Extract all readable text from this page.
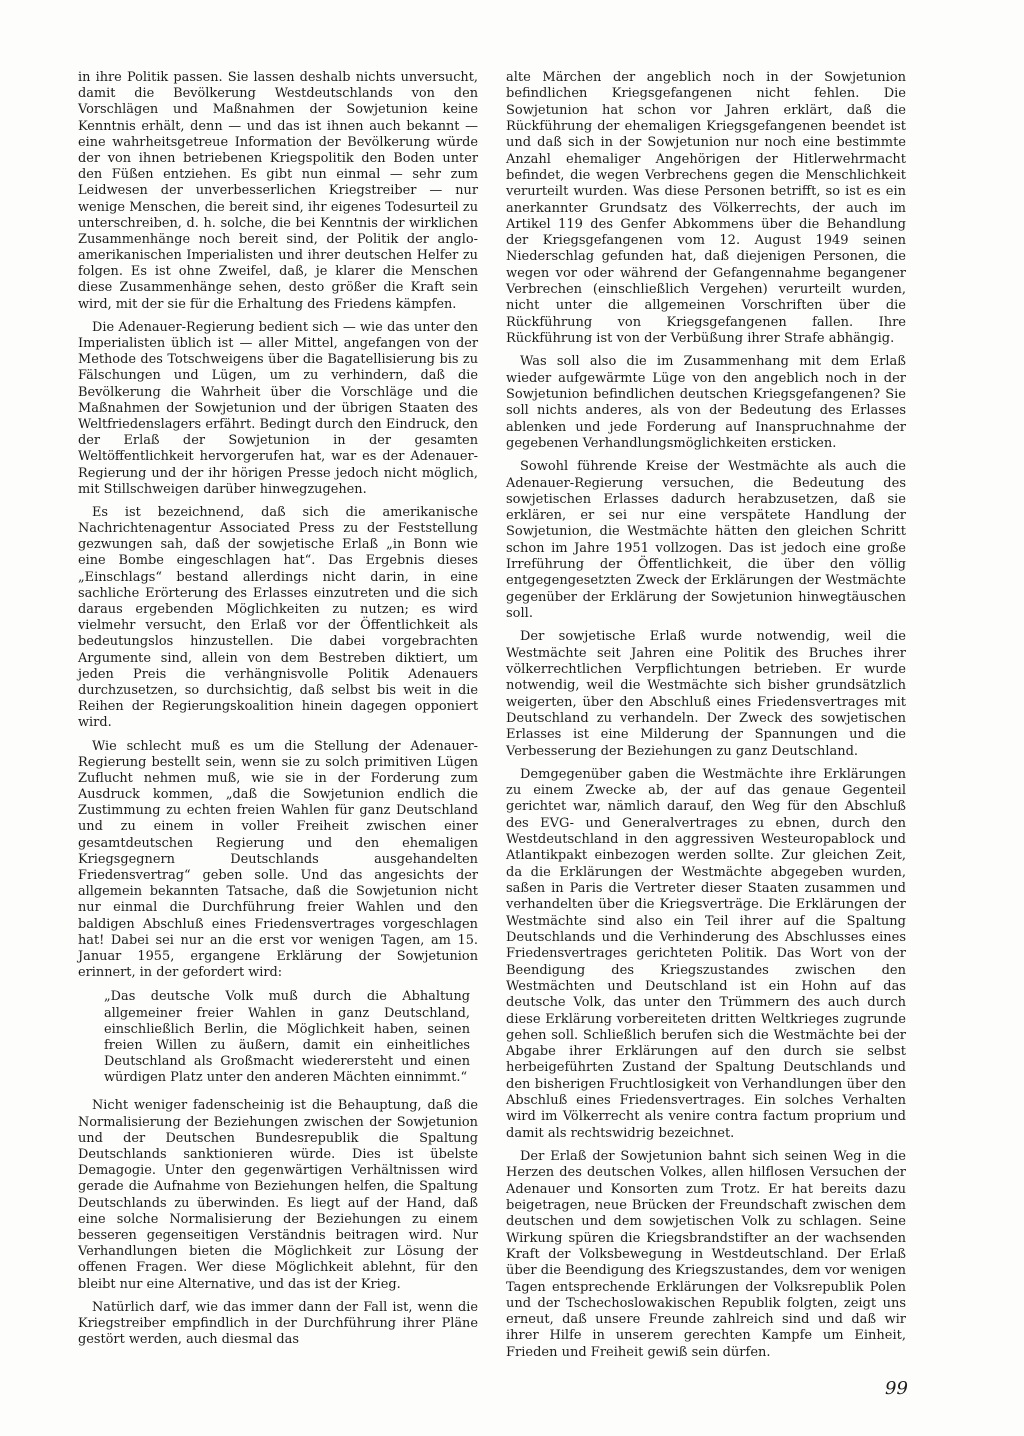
in ihre Politik passen. Sie lassen deshalb nichts unversucht, damit die Bevölkerung Westdeutschlands von den Vorschlägen und Maßnahmen der Sowjetunion keine Kenntnis erhält, denn — und das ist ihnen auch bekannt — eine wahrheitsgetreue Information der Bevölkerung würde der von ihnen betriebenen Kriegspolitik den Boden unter den Füßen entziehen. Es gibt nun einmal — sehr zum Leidwesen der unverbesserlichen Kriegstreiber — nur wenige Menschen, die bereit sind, ihr eigenes Todesurteil zu unterschreiben, d. h. solche, die bei Kenntnis der wirklichen Zusammenhänge noch bereit sind, der Politik der anglo-amerikanischen Imperialisten und ihrer deutschen Helfer zu folgen. Es ist ohne Zweifel, daß, je klarer die Menschen diese Zusammenhänge sehen, desto größer die Kraft sein wird, mit der sie für die Erhaltung des Friedens kämpfen.

Die Adenauer-Regierung bedient sich — wie das unter den Imperialisten üblich ist — aller Mittel, angefangen von der Methode des Totschweigens über die Bagatellisierung bis zu Fälschungen und Lügen, um zu verhindern, daß die Bevölkerung die Wahrheit über die Vorschläge und die Maßnahmen der Sowjetunion und der übrigen Staaten des Weltfriedenslagers erfährt. Bedingt durch den Eindruck, den der Erlaß der Sowjetunion in der gesamten Weltöffentlichkeit hervorgerufen hat, war es der Adenauer-Regierung und der ihr hörigen Presse jedoch nicht möglich, mit Stillschweigen darüber hinwegzugehen.

Es ist bezeichnend, daß sich die amerikanische Nachrichtenagentur Associated Press zu der Feststellung gezwungen sah, daß der sowjetische Erlaß „in Bonn wie eine Bombe eingeschlagen hat“. Das Ergebnis dieses „Einschlags“ bestand allerdings nicht darin, in eine sachliche Erörterung des Erlasses einzutreten und die sich daraus ergebenden Möglichkeiten zu nutzen; es wird vielmehr versucht, den Erlaß vor der Öffentlichkeit als bedeutungslos hinzustellen. Die dabei vorgebrachten Argumente sind, allein von dem Bestreben diktiert, um jeden Preis die verhängnisvolle Politik Adenauers durchzusetzen, so durchsichtig, daß selbst bis weit in die Reihen der Regierungskoalition hinein dagegen opponiert wird.

Wie schlecht muß es um die Stellung der Adenauer-Regierung bestellt sein, wenn sie zu solch primitiven Lügen Zuflucht nehmen muß, wie sie in der Forderung zum Ausdruck kommen, „daß die Sowjetunion endlich die Zustimmung zu echten freien Wahlen für ganz Deutschland und zu einem in voller Freiheit zwischen einer gesamtdeutschen Regierung und den ehemaligen Kriegsgegnern Deutschlands ausgehandelten Friedensvertrag“ geben solle. Und das angesichts der allgemein bekannten Tatsache, daß die Sowjetunion nicht nur einmal die Durchführung freier Wahlen und den baldigen Abschluß eines Friedensvertrages vorgeschlagen hat! Dabei sei nur an die erst vor wenigen Tagen, am 15. Januar 1955, ergangene Erklärung der Sowjetunion erinnert, in der gefordert wird:

„Das deutsche Volk muß durch die Abhaltung allgemeiner freier Wahlen in ganz Deutschland, einschließlich Berlin, die Möglichkeit haben, seinen freien Willen zu äußern, damit ein einheitliches Deutschland als Großmacht wiederersteht und einen würdigen Platz unter den anderen Mächten einnimmt.“

Nicht weniger fadenscheinig ist die Behauptung, daß die Normalisierung der Beziehungen zwischen der Sowjetunion und der Deutschen Bundesrepublik die Spaltung Deutschlands sanktionieren würde. Dies ist übelste Demagogie. Unter den gegenwärtigen Verhältnissen wird gerade die Aufnahme von Beziehungen helfen, die Spaltung Deutschlands zu überwinden. Es liegt auf der Hand, daß eine solche Normalisierung der Beziehungen zu einem besseren gegenseitigen Verständnis beitragen wird. Nur Verhandlungen bieten die Möglichkeit zur Lösung der offenen Fragen. Wer diese Möglichkeit ablehnt, für den bleibt nur eine Alternative, und das ist der Krieg.

Natürlich darf, wie das immer dann der Fall ist, wenn die Kriegstreiber empfindlich in der Durchführung ihrer Pläne gestört werden, auch diesmal das

alte Märchen der angeblich noch in der Sowjetunion befindlichen Kriegsgefangenen nicht fehlen. Die Sowjetunion hat schon vor Jahren erklärt, daß die Rückführung der ehemaligen Kriegsgefangenen beendet ist und daß sich in der Sowjetunion nur noch eine bestimmte Anzahl ehemaliger Angehörigen der Hitlerwehrmacht befindet, die wegen Verbrechens gegen die Menschlichkeit verurteilt wurden. Was diese Personen betrifft, so ist es ein anerkannter Grundsatz des Völkerrechts, der auch im Artikel 119 des Genfer Abkommens über die Behandlung der Kriegsgefangenen vom 12. August 1949 seinen Niederschlag gefunden hat, daß diejenigen Personen, die wegen vor oder während der Gefangennahme begangener Verbrechen (einschließlich Vergehen) verurteilt wurden, nicht unter die allgemeinen Vorschriften über die Rückführung von Kriegsgefangenen fallen. Ihre Rückführung ist von der Verbüßung ihrer Strafe abhängig.

Was soll also die im Zusammenhang mit dem Erlaß wieder aufgewärmte Lüge von den angeblich noch in der Sowjetunion befindlichen deutschen Kriegsgefangenen? Sie soll nichts anderes, als von der Bedeutung des Erlasses ablenken und jede Forderung auf Inanspruchnahme der gegebenen Verhandlungsmöglichkeiten ersticken.

Sowohl führende Kreise der Westmächte als auch die Adenauer-Regierung versuchen, die Bedeutung des sowjetischen Erlasses dadurch herabzusetzen, daß sie erklären, er sei nur eine verspätete Handlung der Sowjetunion, die Westmächte hätten den gleichen Schritt schon im Jahre 1951 vollzogen. Das ist jedoch eine große Irreführung der Öffentlichkeit, die über den völlig entgegengesetzten Zweck der Erklärungen der Westmächte gegenüber der Erklärung der Sowjetunion hinwegtäuschen soll.

Der sowjetische Erlaß wurde notwendig, weil die Westmächte seit Jahren eine Politik des Bruches ihrer völkerrechtlichen Verpflichtungen betrieben. Er wurde notwendig, weil die Westmächte sich bisher grundsätzlich weigerten, über den Abschluß eines Friedensvertrages mit Deutschland zu verhandeln. Der Zweck des sowjetischen Erlasses ist eine Milderung der Spannungen und die Verbesserung der Beziehungen zu ganz Deutschland.

Demgegenüber gaben die Westmächte ihre Erklärungen zu einem Zwecke ab, der auf das genaue Gegenteil gerichtet war, nämlich darauf, den Weg für den Abschluß des EVG- und Generalvertrages zu ebnen, durch den Westdeutschland in den aggressiven Westeuropablock und Atlantikpakt einbezogen werden sollte. Zur gleichen Zeit, da die Erklärungen der Westmächte abgegeben wurden, saßen in Paris die Vertreter dieser Staaten zusammen und verhandelten über die Kriegsverträge. Die Erklärungen der Westmächte sind also ein Teil ihrer auf die Spaltung Deutschlands und die Verhinderung des Abschlusses eines Friedensvertrages gerichteten Politik. Das Wort von der Beendigung des Kriegszustandes zwischen den Westmächten und Deutschland ist ein Hohn auf das deutsche Volk, das unter den Trümmern des auch durch diese Erklärung vorbereiteten dritten Weltkrieges zugrunde gehen soll. Schließlich berufen sich die Westmächte bei der Abgabe ihrer Erklärungen auf den durch sie selbst herbeigeführten Zustand der Spaltung Deutschlands und den bisherigen Fruchtlosigkeit von Verhandlungen über den Abschluß eines Friedensvertrages. Ein solches Verhalten wird im Völkerrecht als venire contra factum proprium und damit als rechtswidrig bezeichnet.

Der Erlaß der Sowjetunion bahnt sich seinen Weg in die Herzen des deutschen Volkes, allen hilflosen Versuchen der Adenauer und Konsorten zum Trotz. Er hat bereits dazu beigetragen, neue Brücken der Freundschaft zwischen dem deutschen und dem sowjetischen Volk zu schlagen. Seine Wirkung spüren die Kriegsbrandstifter an der wachsenden Kraft der Volksbewegung in Westdeutschland. Der Erlaß über die Beendigung des Kriegszustandes, dem vor wenigen Tagen entsprechende Erklärungen der Volksrepublik Polen und der Tschechoslowakischen Republik folgten, zeigt uns erneut, daß unsere Freunde zahlreich sind und daß wir ihrer Hilfe in unserem gerechten Kampfe um Einheit, Frieden und Freiheit gewiß sein dürfen.

99
